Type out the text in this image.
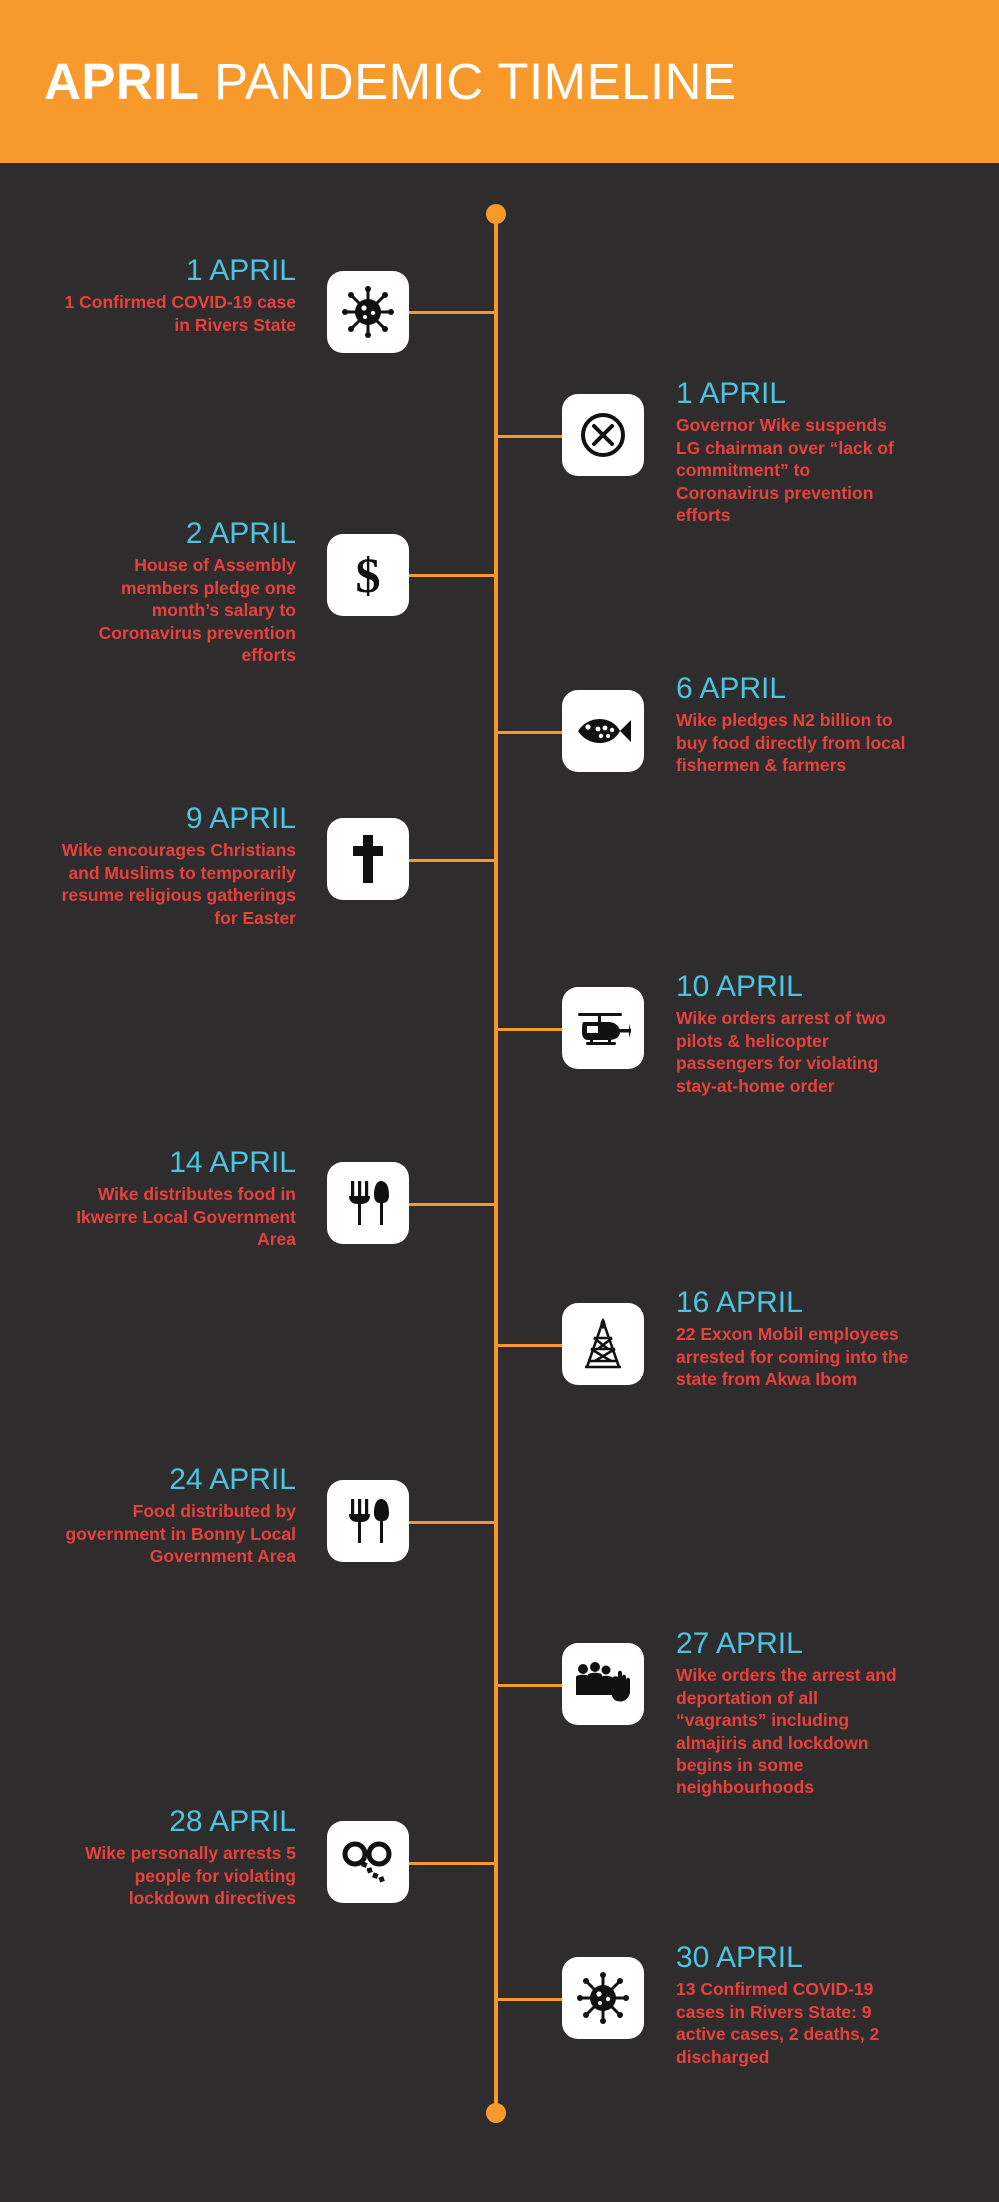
APRIL PANDEMIC TIMELINE
1 APRIL
1 Confirmed COVID-19 case in Rivers State
1 APRIL
Governor Wike suspends LG chairman over “lack of commitment” to Coronavirus prevention efforts
$
2 APRIL
House of Assembly members pledge one month’s salary to Coronavirus prevention efforts
6 APRIL
Wike pledges N2 billion to buy food directly from local fishermen & farmers
9 APRIL
Wike encourages Christians and Muslims to temporarily resume religious gatherings for Easter
10 APRIL
Wike orders arrest of two pilots & helicopter passengers for violating stay-at-home order
14 APRIL
Wike distributes food in Ikwerre Local Government Area
16 APRIL
22 Exxon Mobil employees arrested for coming into the state from Akwa Ibom
24 APRIL
Food distributed by government in Bonny Local Government Area
27 APRIL
Wike orders the arrest and deportation of all “vagrants” including almajiris and lockdown begins in some neighbourhoods
28 APRIL
Wike personally arrests 5 people for violating lockdown directives
30 APRIL
13 Confirmed COVID-19 cases in Rivers State: 9 active cases, 2 deaths, 2 discharged
